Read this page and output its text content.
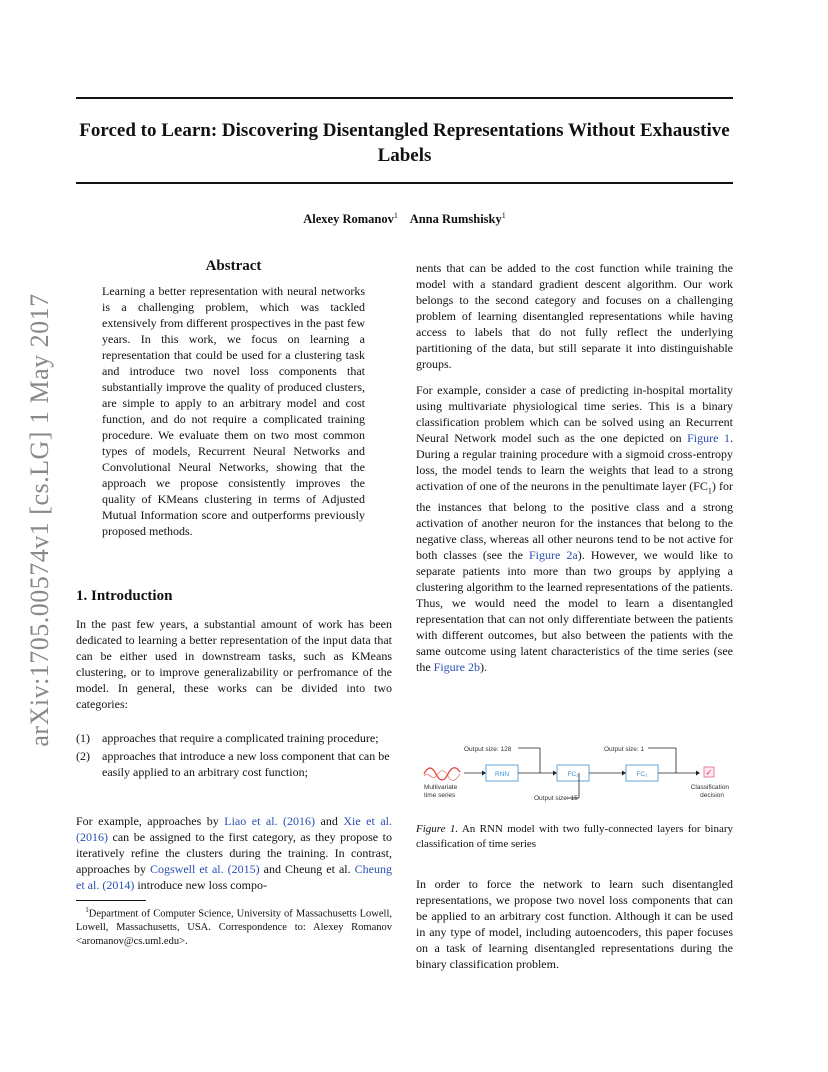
Forced to Learn: Discovering Disentangled Representations Without Exhaustive Labels
Alexey Romanov$^1$ Anna Rumshisky$^1$
arXiv:1705.00574v1 [cs.LG] 1 May 2017
Abstract
Learning a better representation with neural networks is a challenging problem, which was tackled extensively from different prospectives in the past few years. In this work, we focus on learning a representation that could be used for a clustering task and introduce two novel loss components that substantially improve the quality of produced clusters, are simple to apply to an arbitrary model and cost function, and do not require a complicated training procedure. We evaluate them on two most common types of models, Recurrent Neural Networks and Convolutional Neural Networks, showing that the approach we propose consistently improves the quality of KMeans clustering in terms of Adjusted Mutual Information score and outperforms previously proposed methods.
1. Introduction
In the past few years, a substantial amount of work has been dedicated to learning a better representation of the input data that can be either used in downstream tasks, such as KMeans clustering, or to improve generalizability or perfromance of the model. In general, these works can be divided into two categories:
(1)	approaches that require a complicated training procedure;
(2)	approaches that introduce a new loss component that can be easily applied to an arbitrary cost function;
For example, approaches by Liao et al. (2016) and Xie et al. (2016) can be assigned to the first category, as they propose to iteratively refine the clusters during the training. In contrast, approaches by Cogswell et al. (2015) and Cheung et al. Cheung et al. (2014) introduce new loss compo-
$^1$Department of Computer Science, University of Massachusetts Lowell, Lowell, Massachusetts, USA. Correspondence to: Alexey Romanov <aromanov@cs.uml.edu>.
nents that can be added to the cost function while training the model with a standard gradient descent algorithm. Our work belongs to the second category and focuses on a challenging problem of learning disentangled representations while having access to labels that do not fully reflect the underlying partitioning of the data, but still separate it into distinguishable groups.
For example, consider a case of predicting in-hospital mortality using multivariate physiological time series. This is a binary classification problem which can be solved using an Recurrent Neural Network model such as the one depicted on Figure 1. During a regular training procedure with a sigmoid cross-entropy loss, the model tends to learn the weights that lead to a strong activation of one of the neurons in the penultimate layer $(FC_1)$ for the instances that belong to the positive class and a strong activation of another neuron for the instances that belong to the negative class, whereas all other neurons tend to be not active for both classes (see the Figure 2a). However, we would like to separate patients into more than two groups by applying a clustering algorithm to the learned representations of the patients. Thus, we would need the model to learn a disentangled representation that can not only differentiate between the patients with different outcomes, but also between the patients with the same outcome using latent characteristics of the time series (see the Figure 2b).
Multivariate
time series
RNN
Output size: 128
FC₁
Output size: 15
FC₂
Output size: 1
✓
Classification
decision
Figure 1. An RNN model with two fully-connected layers for binary classification of time series
In order to force the network to learn such disentangled representations, we propose two novel loss components that can be applied to an arbitrary cost function. Although it can be used in any type of model, including autoencoders, this paper focuses on a task of learning disentangled representations during the binary classification problem.
